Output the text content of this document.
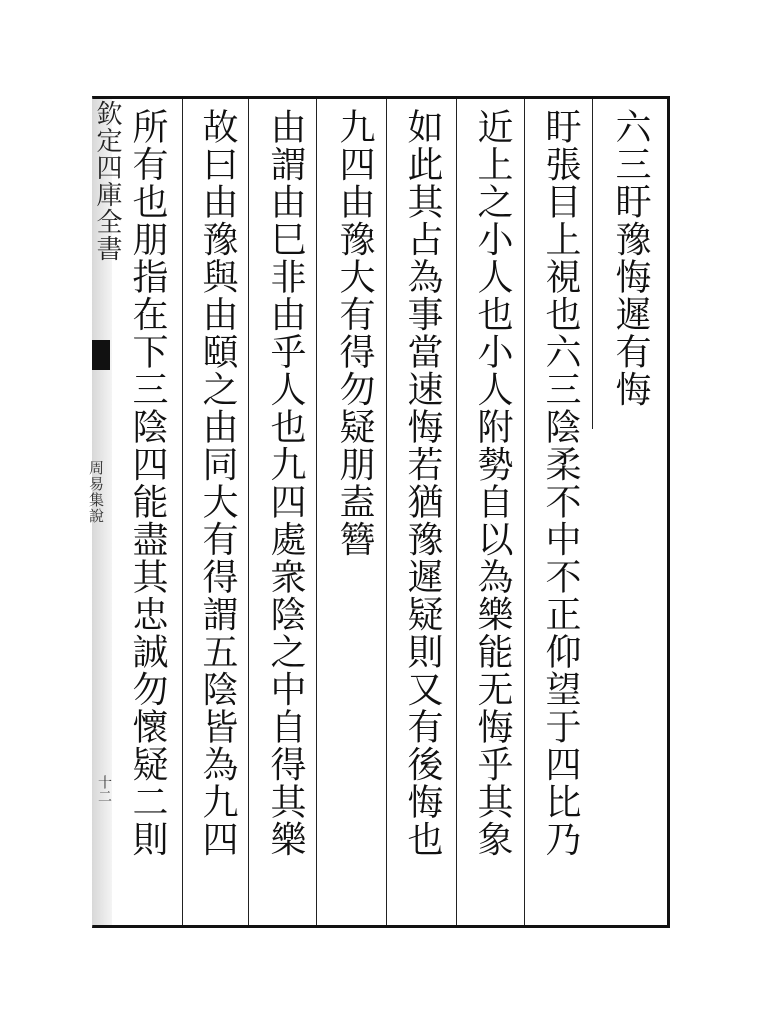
欽定四庫全書
周易集說
十二
六三盱豫悔遲有悔
盱張目上視也六三陰柔不中不正仰望于四比乃
近上之小人也小人附勢自以為樂能无悔乎其象
如此其占為事當速悔若猶豫遲疑則又有後悔也
九四由豫大有得勿疑朋盍簪
由謂由巳非由乎人也九四處衆陰之中自得其樂
故曰由豫與由頤之由同大有得謂五陰皆為九四
所有也朋指在下三陰四能盡其忠誠勿懷疑二則
